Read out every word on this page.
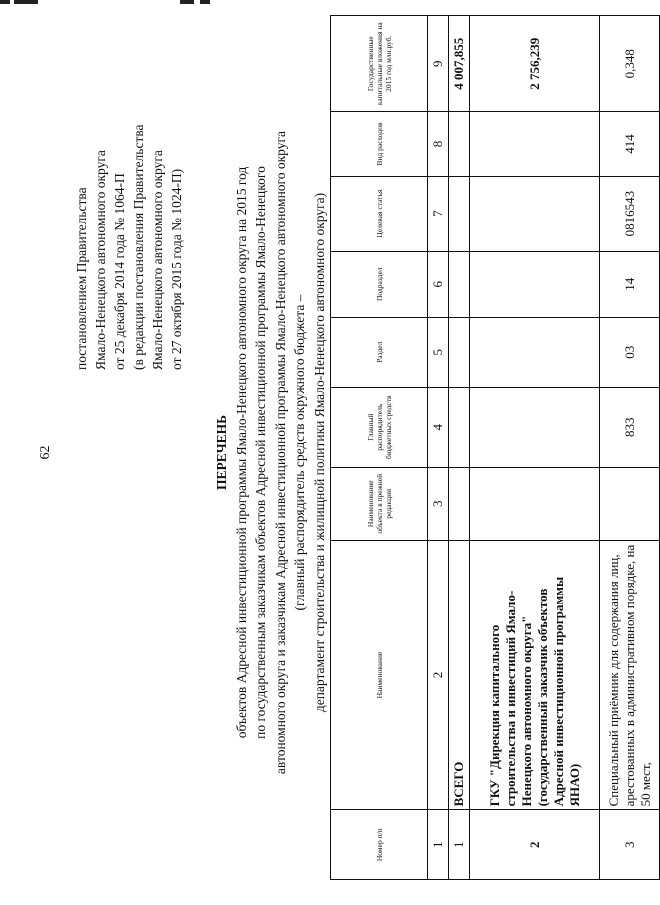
62
постановлением Правительства Ямало-Ненецкого автономного округа от 25 декабря 2014 года № 1064-П (в редакции постановления Правительства Ямало-Ненецкого автономного округа от 27 октября 2015 года № 1024-П)
ПЕРЕЧЕНЬ объектов Адресной инвестиционной программы Ямало-Ненецкого автономного округа на 2015 год по государственным заказчикам объектов Адресной инвестиционной программы Ямало-Ненецкого автономного округа и заказчикам Адресной инвестиционной программы Ямало-Ненецкого автономного округа (главный распорядитель средств окружного бюджета – департамент строительства и жилищной политики Ямало-Ненецкого автономного округа)
Номер п/п	Наименование	Наименование объекта в прежней редакции	Главный распорядитель бюджетных средств	Раздел	Подраздел	Целевая статья	Вид расходов	Государственные капитальные вложения на 2015 год млн.руб.
1	2	3	4	5	6	7	8	9
1	ВСЕГО							4 007,855
2	ГКУ "Дирекция капитального строительства и инвестиций Ямало-Ненецкого автономного округа" (государственный заказчик объектов Адресной инвестиционной программы ЯНАО)							2 756,239
3	Специальный приёмник для содержания лиц, арестованных в административном порядке, на 50 мест,		833	03	14	0816543	414	0,348
